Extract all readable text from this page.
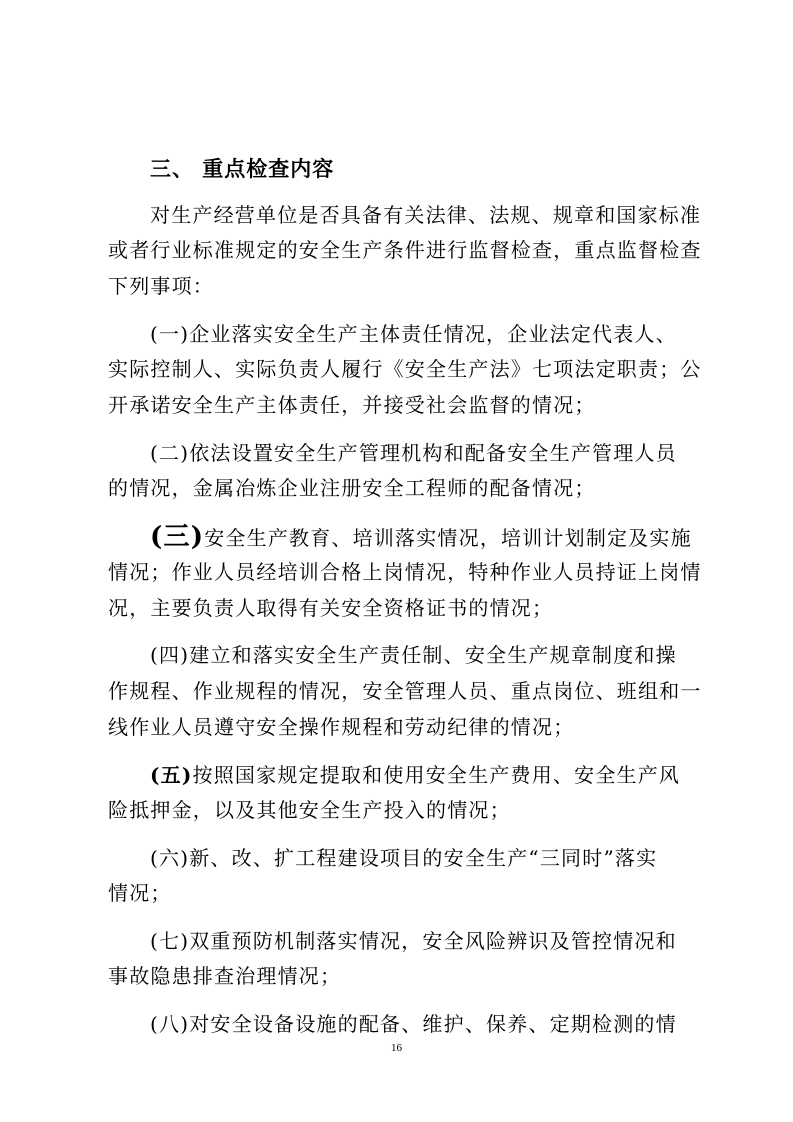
三、 重点检查内容
对生产经营单位是否具备有关法律、法规、规章和国家标准
或者行业标准规定的安全生产条件进行监督检查，重点监督检查
下列事项：
(一)企业落实安全生产主体责任情况，企业法定代表人、
实际控制人、实际负责人履行《安全生产法》七项法定职责；公
开承诺安全生产主体责任，并接受社会监督的情况；
(二)依法设置安全生产管理机构和配备安全生产管理人员
的情况，金属冶炼企业注册安全工程师的配备情况；
(三)安全生产教育、培训落实情况，培训计划制定及实施
情况；作业人员经培训合格上岗情况，特种作业人员持证上岗情
况，主要负责人取得有关安全资格证书的情况；
(四)建立和落实安全生产责任制、安全生产规章制度和操
作规程、作业规程的情况，安全管理人员、重点岗位、班组和一
线作业人员遵守安全操作规程和劳动纪律的情况；
(五)按照国家规定提取和使用安全生产费用、安全生产风
险抵押金，以及其他安全生产投入的情况；
(六)新、改、扩工程建设项目的安全生产“三同时”落实
情况；
(七)双重预防机制落实情况，安全风险辨识及管控情况和
事故隐患排查治理情况；
(八)对安全设备设施的配备、维护、保养、定期检测的情
16
